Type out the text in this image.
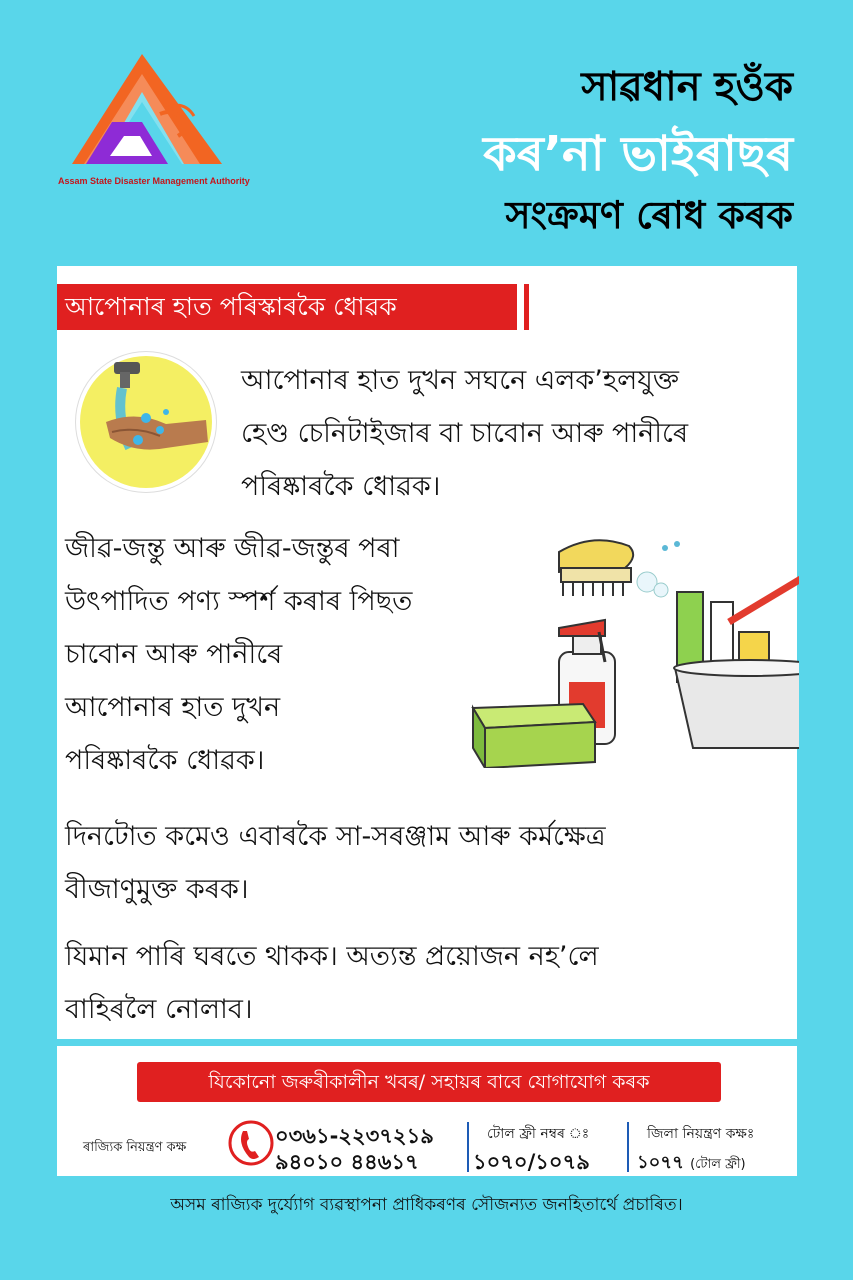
Assam State Disaster Management Authority
সাৱধান হওঁক
কৰ’না ভাইৰাছৰ
সংক্ৰমণ ৰোধ কৰক
আপোনাৰ হাত পৰিস্কাৰকৈ ধোৱক
আপোনাৰ হাত দুখন সঘনে এলক’হলযুক্ত
হেণ্ড চেনিটাইজাৰ বা চাবোন আৰু পানীৰে
পৰিষ্কাৰকৈ ধোৱক।
জীৱ-জন্তু আৰু জীৱ-জন্তুৰ পৰা
উৎপাদিত পণ্য স্পৰ্শ কৰাৰ পিছত
চাবোন আৰু পানীৰে
আপোনাৰ হাত দুখন
পৰিষ্কাৰকৈ ধোৱক।
দিনটোত কমেও এবাৰকৈ সা-সৰঞ্জাম আৰু কৰ্মক্ষেত্ৰ
বীজাণুমুক্ত কৰক।
যিমান পাৰি ঘৰতে থাকক। অত্যন্ত প্ৰয়োজন নহ’লে
বাহিৰলৈ নোলাব।
যিকোনো জৰুৰীকালীন খবৰ/ সহায়ৰ বাবে যোগাযোগ কৰক
ৰাজ্যিক নিয়ন্ত্ৰণ কক্ষ	০৩৬১-২২৩৭২১৯
৯৪০১০ ৪৪৬১৭
টোল ফ্ৰী নম্বৰ ঃ
১০৭০/১০৭৯
জিলা নিয়ন্ত্ৰণ কক্ষঃ
১০৭৭ (টোল ফ্ৰী)
অসম ৰাজ্যিক দুৰ্য্যোগ ব্যৱস্থাপনা প্ৰাধিকৰণৰ সৌজন্যত জনহিতাৰ্থে প্ৰচাৰিত।
